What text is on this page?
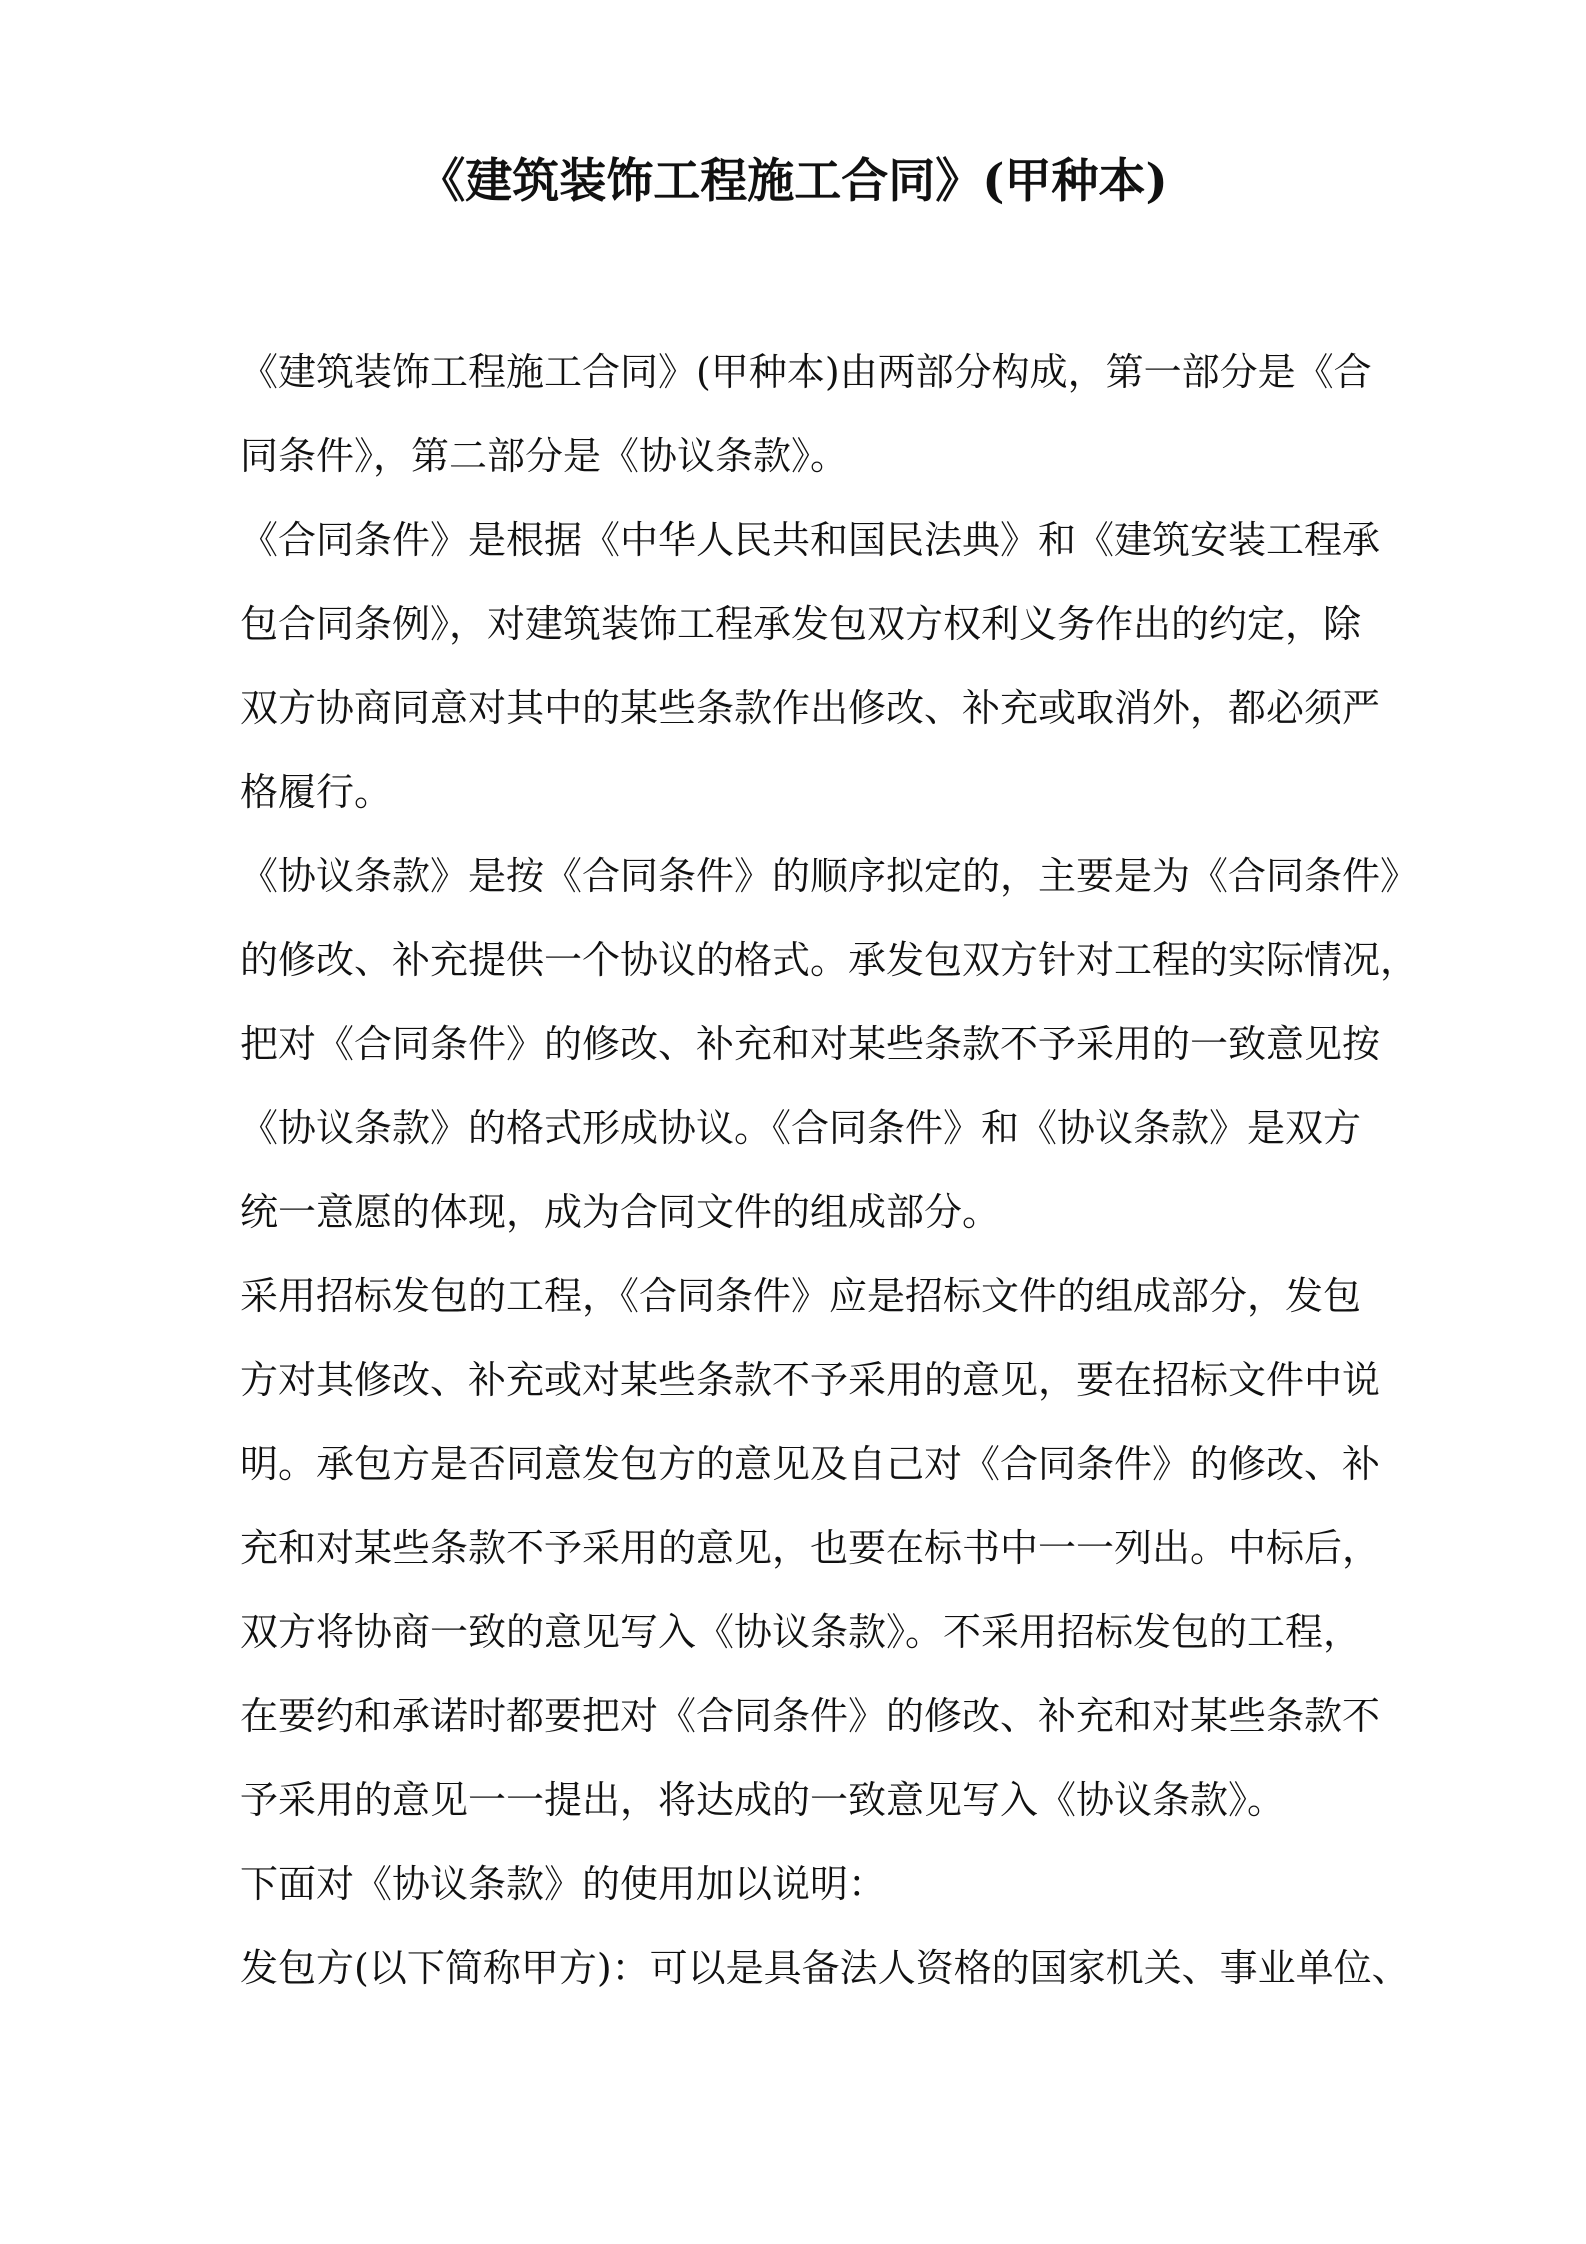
《建筑装饰工程施工合同》(甲种本)

《建筑装饰工程施工合同》(甲种本)由两部分构成，第一部分是《合

同条件》，第二部分是《协议条款》。

《合同条件》是根据《中华人民共和国民法典》和《建筑安装工程承

包合同条例》，对建筑装饰工程承发包双方权利义务作出的约定，除

双方协商同意对其中的某些条款作出修改、补充或取消外，都必须严

格履行。

《协议条款》是按《合同条件》的顺序拟定的，主要是为《合同条件》

的修改、补充提供一个协议的格式。承发包双方针对工程的实际情况，

把对《合同条件》的修改、补充和对某些条款不予采用的一致意见按

《协议条款》的格式形成协议。《合同条件》和《协议条款》是双方

统一意愿的体现，成为合同文件的组成部分。

采用招标发包的工程，《合同条件》应是招标文件的组成部分，发包

方对其修改、补充或对某些条款不予采用的意见，要在招标文件中说

明。承包方是否同意发包方的意见及自己对《合同条件》的修改、补

充和对某些条款不予采用的意见，也要在标书中一一列出。中标后，

双方将协商一致的意见写入《协议条款》。不采用招标发包的工程，

在要约和承诺时都要把对《合同条件》的修改、补充和对某些条款不

予采用的意见一一提出，将达成的一致意见写入《协议条款》。

下面对《协议条款》的使用加以说明：

发包方(以下简称甲方)：可以是具备法人资格的国家机关、事业单位、
